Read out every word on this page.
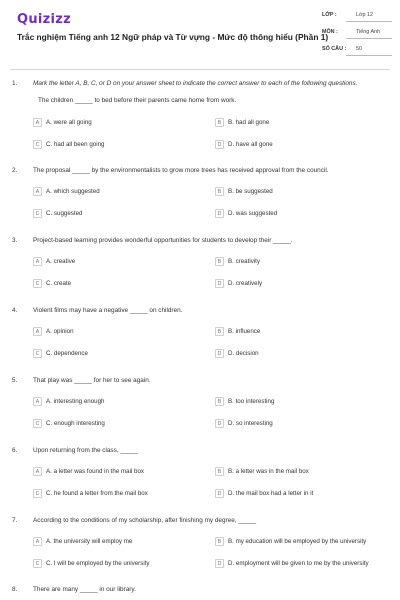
Quizizz
Trắc nghiệm Tiếng anh 12 Ngữ pháp và Từ vựng - Mức độ thông hiểu (Phần 1)
LỚP :	Lớp 12
MÔN :	Tiếng Anh
SỐ CÂU :	50
1. Mark the letter A, B, C, or D on your answer sheet to indicate the correct answer to each of the following questions.
The children _____ to bed before their parents came home from work.
A	A. were all going	B	B. had all gone
C	C. had all been going	D	D. have all gone
2. The proposal _____ by the environmentalists to grow more trees has received approval from the council.
A	A. which suggested	B	B. be suggested
C	C. suggested	D	D. was suggested
3. Project-based learning provides wonderful opportunities for students to develop their _____.
A	A. creative	B	B. creativity
C	C. create	D	D. creatively
4. Violent films may have a negative _____ on children.
A	A. opinion	B	B. influence
C	C. dependence	D	D. decision
5. That play was _____ for her to see again.
A	A. interesting enough	B	B. too interesting
C	C. enough interesting	D	D. so interesting
6. Upon returning from the class, _____
A	A. a letter was found in the mail box	B	B. a letter was in the mail box
C	C. he found a letter from the mail box	D	D. the mail box had a letter in it
7. According to the conditions of my scholarship, after finishing my degree, _____
A	A. the university will employ me	B	B. my education will be employed by the university
C	C. I will be employed by the university	D	D. employment will be given to me by the university
8. There are many _____ in our library.
